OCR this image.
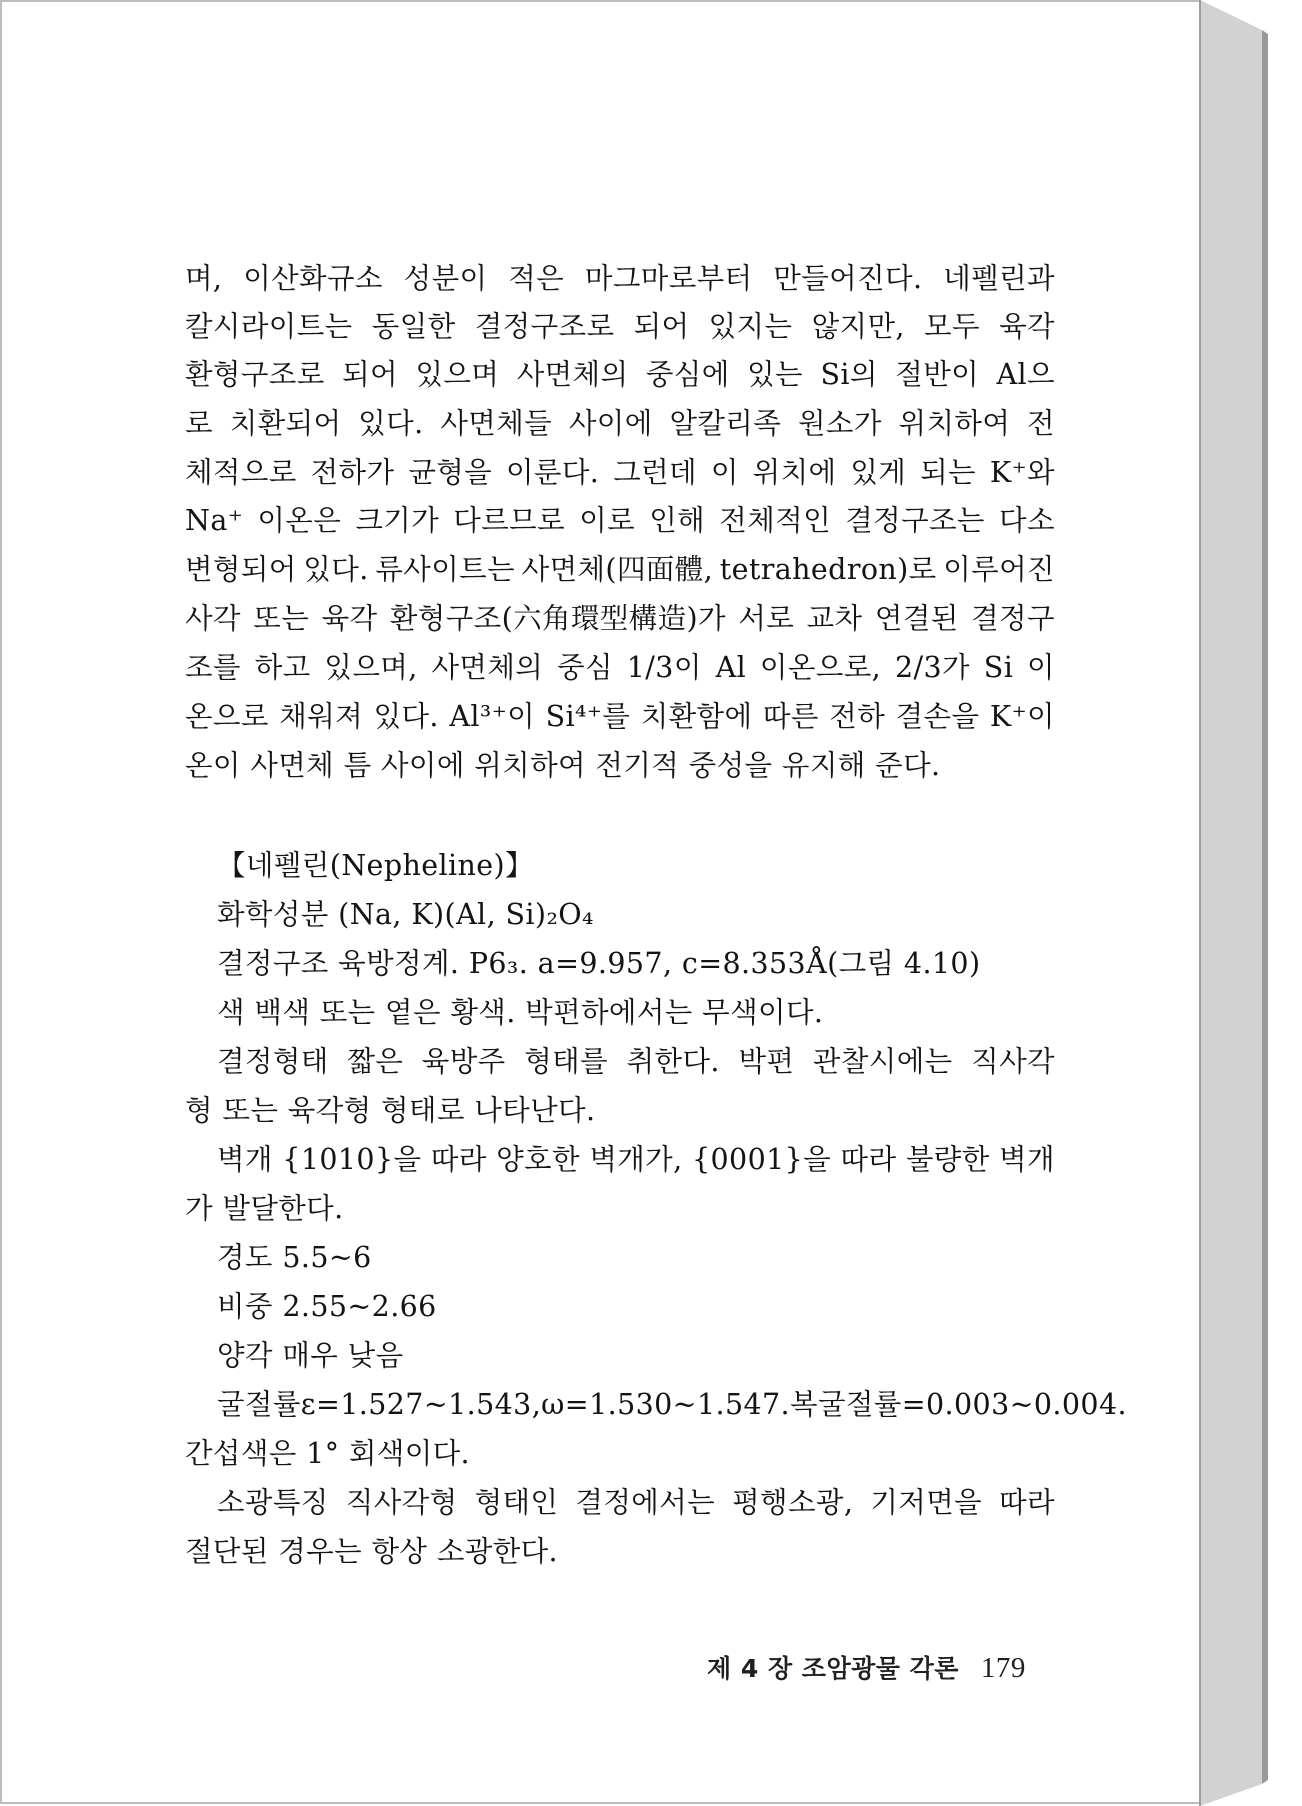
며, 이산화규소 성분이 적은 마그마로부터 만들어진다. 네펠린과
칼시라이트는 동일한 결정구조로 되어 있지는 않지만, 모두 육각
환형구조로 되어 있으며 사면체의 중심에 있는 Si의 절반이 Al으
로 치환되어 있다. 사면체들 사이에 알칼리족 원소가 위치하여 전
체적으로 전하가 균형을 이룬다. 그런데 이 위치에 있게 되는 K⁺와
Na⁺ 이온은 크기가 다르므로 이로 인해 전체적인 결정구조는 다소
변형되어 있다. 류사이트는 사면체(四面體, tetrahedron)로 이루어진
사각 또는 육각 환형구조(六角環型構造)가 서로 교차 연결된 결정구
조를 하고 있으며, 사면체의 중심 1/3이 Al 이온으로, 2/3가 Si 이
온으로 채워져 있다. Al³⁺이 Si⁴⁺를 치환함에 따른 전하 결손을 K⁺이
온이 사면체 틈 사이에 위치하여 전기적 중성을 유지해 준다.
【네펠린(Nepheline)】
화학성분 (Na, K)(Al, Si)₂O₄
결정구조 육방정계. P6₃. a=9.957, c=8.353Å(그림 4.10)
색 백색 또는 옅은 황색. 박편하에서는 무색이다.
결정형태 짧은 육방주 형태를 취한다. 박편 관찰시에는 직사각
형 또는 육각형 형태로 나타난다.
벽개 {1010}을 따라 양호한 벽개가, {0001}을 따라 불량한 벽개
가 발달한다.
경도 5.5~6
비중 2.55~2.66
양각 매우 낮음
굴절률 ε=1.527~1.543, ω=1.530~1.547. 복굴절률=0.003~0.004.
간섭색은 1° 회색이다.
소광특징 직사각형 형태인 결정에서는 평행소광, 기저면을 따라
절단된 경우는 항상 소광한다.
제 4 장 조암광물 각론 179
